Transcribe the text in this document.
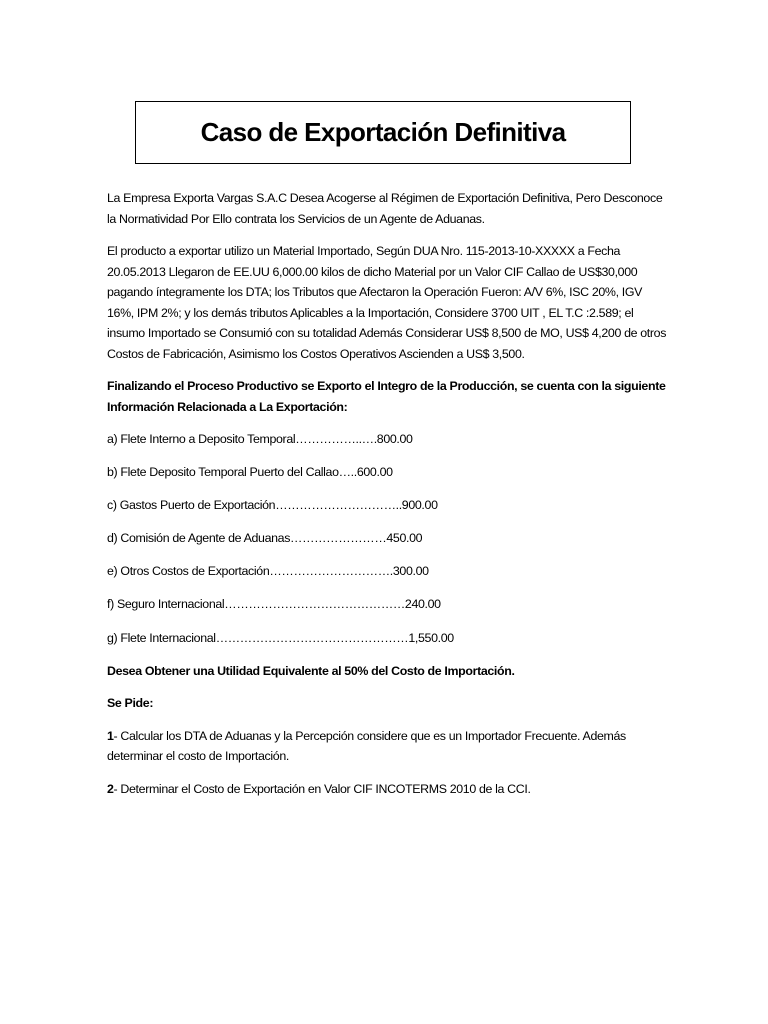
Caso de Exportación Definitiva

La Empresa Exporta Vargas S.A.C Desea Acogerse al Régimen de Exportación Definitiva, Pero Desconoce la Normatividad Por Ello contrata los Servicios de un Agente de Aduanas.

El producto a exportar utilizo un Material Importado, Según DUA Nro. 115-2013-10-XXXXX a Fecha 20.05.2013 Llegaron de EE.UU 6,000.00 kilos de dicho Material por un Valor CIF Callao de US$30,000 pagando íntegramente los DTA; los Tributos que Afectaron la Operación Fueron: A/V 6%, ISC 20%, IGV 16%, IPM 2%; y los demás tributos Aplicables a la Importación, Considere 3700 UIT , EL T.C :2.589; el insumo Importado se Consumió con su totalidad Además Considerar US$ 8,500 de MO, US$ 4,200 de otros Costos de Fabricación, Asimismo los Costos Operativos Ascienden a US$ 3,500.

Finalizando el Proceso Productivo se Exporto el Integro de la Producción, se cuenta con la siguiente Información Relacionada a La Exportación:

a) Flete Interno a Deposito Temporal……………..….800.00
b) Flete Deposito Temporal Puerto del Callao…..600.00
c) Gastos Puerto de Exportación…………………………..900.00
d) Comisión de Agente de Aduanas……………………450.00
e) Otros Costos de Exportación………………………….300.00
f) Seguro Internacional………………………………………240.00
g) Flete Internacional…………………………………………1,550.00

Desea Obtener una Utilidad Equivalente al 50% del Costo de Importación.

Se Pide:

1- Calcular los DTA de Aduanas y la Percepción considere que es un Importador Frecuente. Además determinar el costo de Importación.

2- Determinar el Costo de Exportación en Valor CIF INCOTERMS 2010 de la CCI.
